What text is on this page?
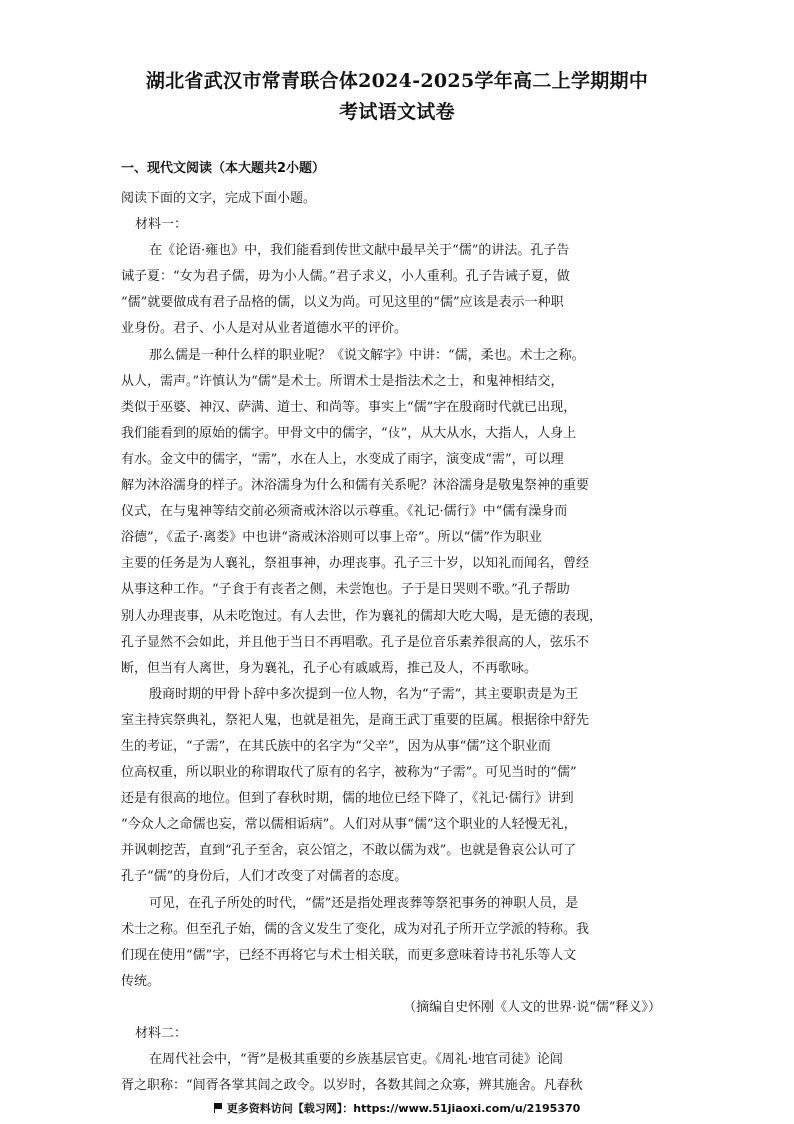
湖北省武汉市常青联合体2024-2025学年高二上学期期中
考试语文试卷
一、现代文阅读（本大题共2小题）
阅读下面的文字，完成下面小题。
材料一：
在《论语·雍也》中，我们能看到传世文献中最早关于“儒”的讲法。孔子告
诫子夏：“女为君子儒，毋为小人儒。”君子求义，小人重利。孔子告诫子夏，做
“儒”就要做成有君子品格的儒，以义为尚。可见这里的“儒”应该是表示一种职
业身份。君子、小人是对从业者道德水平的评价。
那么儒是一种什么样的职业呢？《说文解字》中讲：“儒，柔也。术士之称。
从人，需声。”许慎认为“儒”是术士。所谓术士是指法术之士，和鬼神相结交，
类似于巫婆、神汉、萨满、道士、和尚等。事实上“儒”字在殷商时代就已出现，
我们能看到的原始的儒字。甲骨文中的儒字，“𠆸”，从大从水，大指人，人身上
有水。金文中的儒字，“需”，水在人上，水变成了雨字，演变成“需”，可以理
解为沐浴濡身的样子。沐浴濡身为什么和儒有关系呢？沐浴濡身是敬鬼祭神的重要
仪式，在与鬼神等结交前必须斋戒沐浴以示尊重。《礼记·儒行》中“儒有澡身而
浴德”，《孟子·离娄》中也讲“斋戒沐浴则可以事上帝”。所以“儒”作为职业
主要的任务是为人襄礼，祭祖事神，办理丧事。孔子三十岁，以知礼而闻名，曾经
从事这种工作。“子食于有丧者之侧，未尝饱也。子于是日哭则不歌。”孔子帮助
别人办理丧事，从未吃饱过。有人去世，作为襄礼的儒却大吃大喝，是无德的表现，
孔子显然不会如此，并且他于当日不再唱歌。孔子是位音乐素养很高的人，弦乐不
断，但当有人离世，身为襄礼，孔子心有戚戚焉，推己及人，不再歌咏。
殷商时期的甲骨卜辞中多次提到一位人物，名为“子需”，其主要职责是为王
室主持宾祭典礼，祭祀人鬼，也就是祖先，是商王武丁重要的臣属。根据徐中舒先
生的考证，“子需”，在其氏族中的名字为“父辛”，因为从事“儒”这个职业而
位高权重，所以职业的称谓取代了原有的名字，被称为“子需”。可见当时的“儒”
还是有很高的地位。但到了春秋时期，儒的地位已经下降了，《礼记·儒行》讲到
“今众人之命儒也妄，常以儒相诟病”。人们对从事“儒”这个职业的人轻慢无礼，
并讽刺挖苦，直到“孔子至舍，哀公馆之，不敢以儒为戏”。也就是鲁哀公认可了
孔子“儒”的身份后，人们才改变了对儒者的态度。
可见，在孔子所处的时代，“儒”还是指处理丧葬等祭祀事务的神职人员，是
术士之称。但至孔子始，儒的含义发生了变化，成为对孔子所开立学派的特称。我
们现在使用“儒”字，已经不再将它与术士相关联，而更多意味着诗书礼乐等人文
传统。
（摘编自史怀刚《人文的世界·说“儒”释义》）
材料二：
在周代社会中，“胥”是极其重要的乡族基层官吏。《周礼·地官司徒》论闾
胥之职称：“闾胥各掌其闾之政令。以岁时，各数其闾之众寡，辨其施舍。凡春秋
更多资料访问【载习网】：https://www.51jiaoxi.com/u/2195370
